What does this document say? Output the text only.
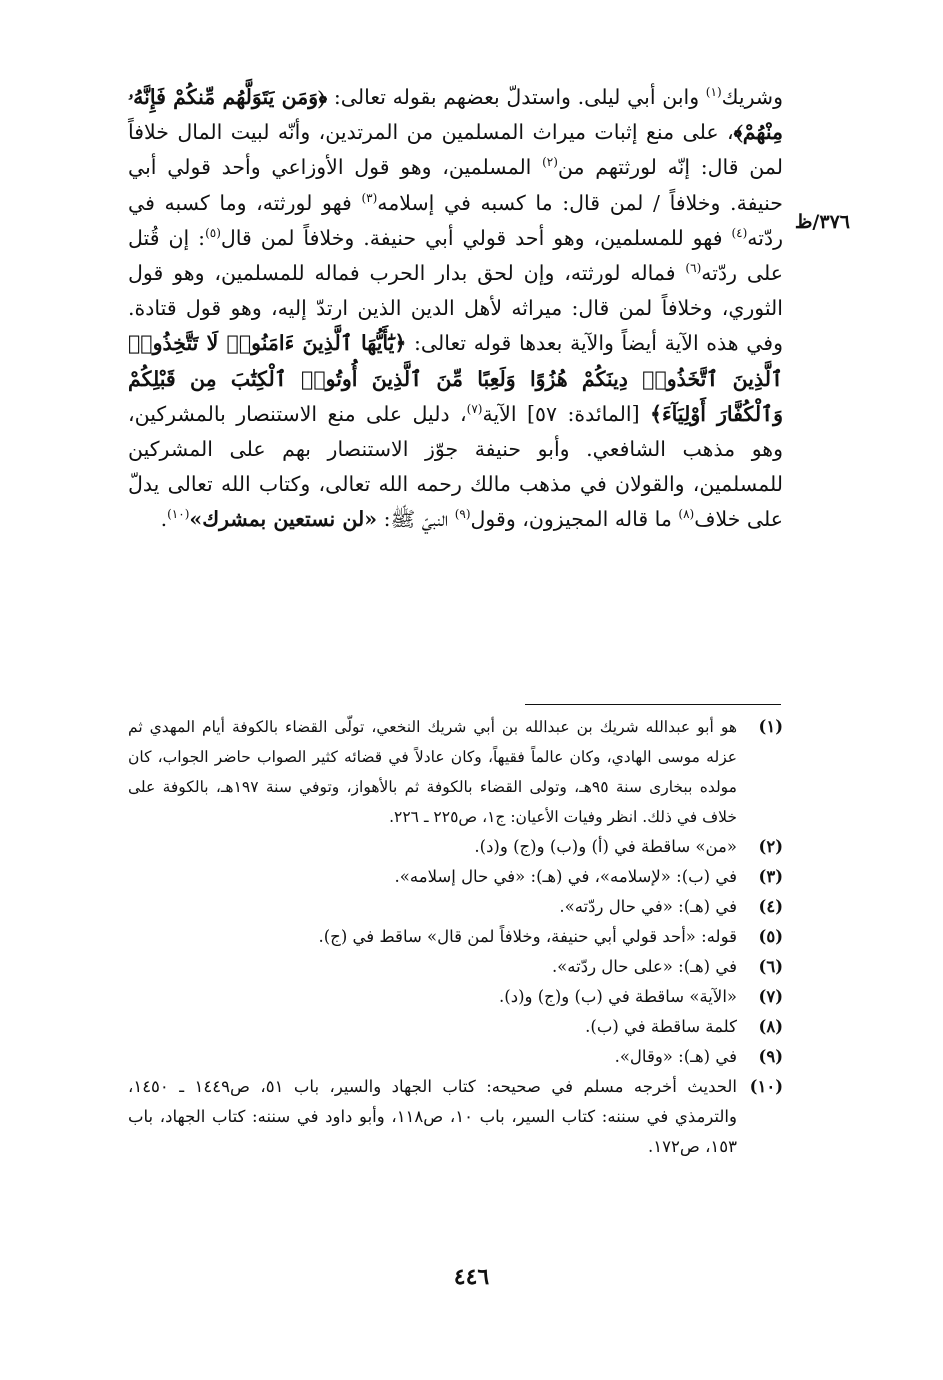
٣٧٦/ظ

وشريك$^{(١)}$ وابن أبي ليلى. واستدلّ بعضهم بقوله تعالى: ﴿وَمَن يَتَوَلَّهُم مِّنكُمْ فَإِنَّهُۥ مِنْهُمْ﴾، على منع إثبات ميراث المسلمين من المرتدين، وأنّه لبيت المال خلافاً لمن قال: إنّه لورثتهم من$^{(٢)}$ المسلمين، وهو قول الأوزاعي وأحد قولي أبي حنيفة. وخلافاً / لمن قال: ما كسبه في إسلامه$^{(٣)}$ فهو لورثته، وما كسبه في ردّته$^{(٤)}$ فهو للمسلمين، وهو أحد قولي أبي حنيفة. وخلافاً لمن قال$^{(٥)}$: إن قُتل على ردّته$^{(٦)}$ فماله لورثته، وإن لحق بدار الحرب فماله للمسلمين، وهو قول الثوري، وخلافاً لمن قال: ميراثه لأهل الدين الذين ارتدّ إليه، وهو قول قتادة. وفي هذه الآية أيضاً والآية بعدها قوله تعالى: ﴿يَٰٓأَيُّهَا ٱلَّذِينَ ءَامَنُوا۟ لَا تَتَّخِذُوا۟ ٱلَّذِينَ ٱتَّخَذُوا۟ دِينَكُمْ هُزُوًا وَلَعِبًا مِّنَ ٱلَّذِينَ أُوتُوا۟ ٱلْكِتَٰبَ مِن قَبْلِكُمْ وَٱلْكُفَّارَ أَوْلِيَآءَ﴾ [المائدة: ٥٧] الآية$^{(٧)}$، دليل على منع الاستنصار بالمشركين، وهو مذهب الشافعي. وأبو حنيفة جوّز الاستنصار بهم على المشركين للمسلمين، والقولان في مذهب مالك رحمه الله تعالى، وكتاب الله تعالى يدلّ على خلاف$^{(٨)}$ ما قاله المجيزون، وقول$^{(٩)}$ النبيّ ﷺ: «لن نستعين بمشرك»$^{(١٠)}$.

(١)
هو أبو عبدالله شريك بن عبدالله بن أبي شريك النخعي، تولّى القضاء بالكوفة أيام المهدي ثم عزله موسى الهادي، وكان عالماً فقيهاً، وكان عادلاً في قضائه كثير الصواب حاضر الجواب، كان مولده ببخارى سنة ٩٥هـ، وتولى القضاء بالكوفة ثم بالأهواز، وتوفي سنة ١٩٧هـ، بالكوفة على خلاف في ذلك. انظر وفيات الأعيان: ج١، ص٢٢٥ ـ ٢٢٦.
(٢)
«من» ساقطة في (أ) و(ب) و(ج) و(د).
(٣)
في (ب): «لإسلامه»، في (هـ): «في حال إسلامه».
(٤)
في (هـ): «في حال ردّته».
(٥)
قوله: «أحد قولي أبي حنيفة، وخلافاً لمن قال» ساقط في (ج).
(٦)
في (هـ): «على حال ردّته».
(٧)
«الآية» ساقطة في (ب) و(ج) و(د).
(٨)
كلمة ساقطة في (ب).
(٩)
في (هـ): «وقال».
(١٠)
الحديث أخرجه مسلم في صحيحه: كتاب الجهاد والسير، باب ٥١، ص١٤٤٩ ـ ١٤٥٠، والترمذي في سننه: كتاب السير، باب ١٠، ص١١٨، وأبو داود في سننه: كتاب الجهاد، باب ١٥٣، ص١٧٢.
٤٤٦
